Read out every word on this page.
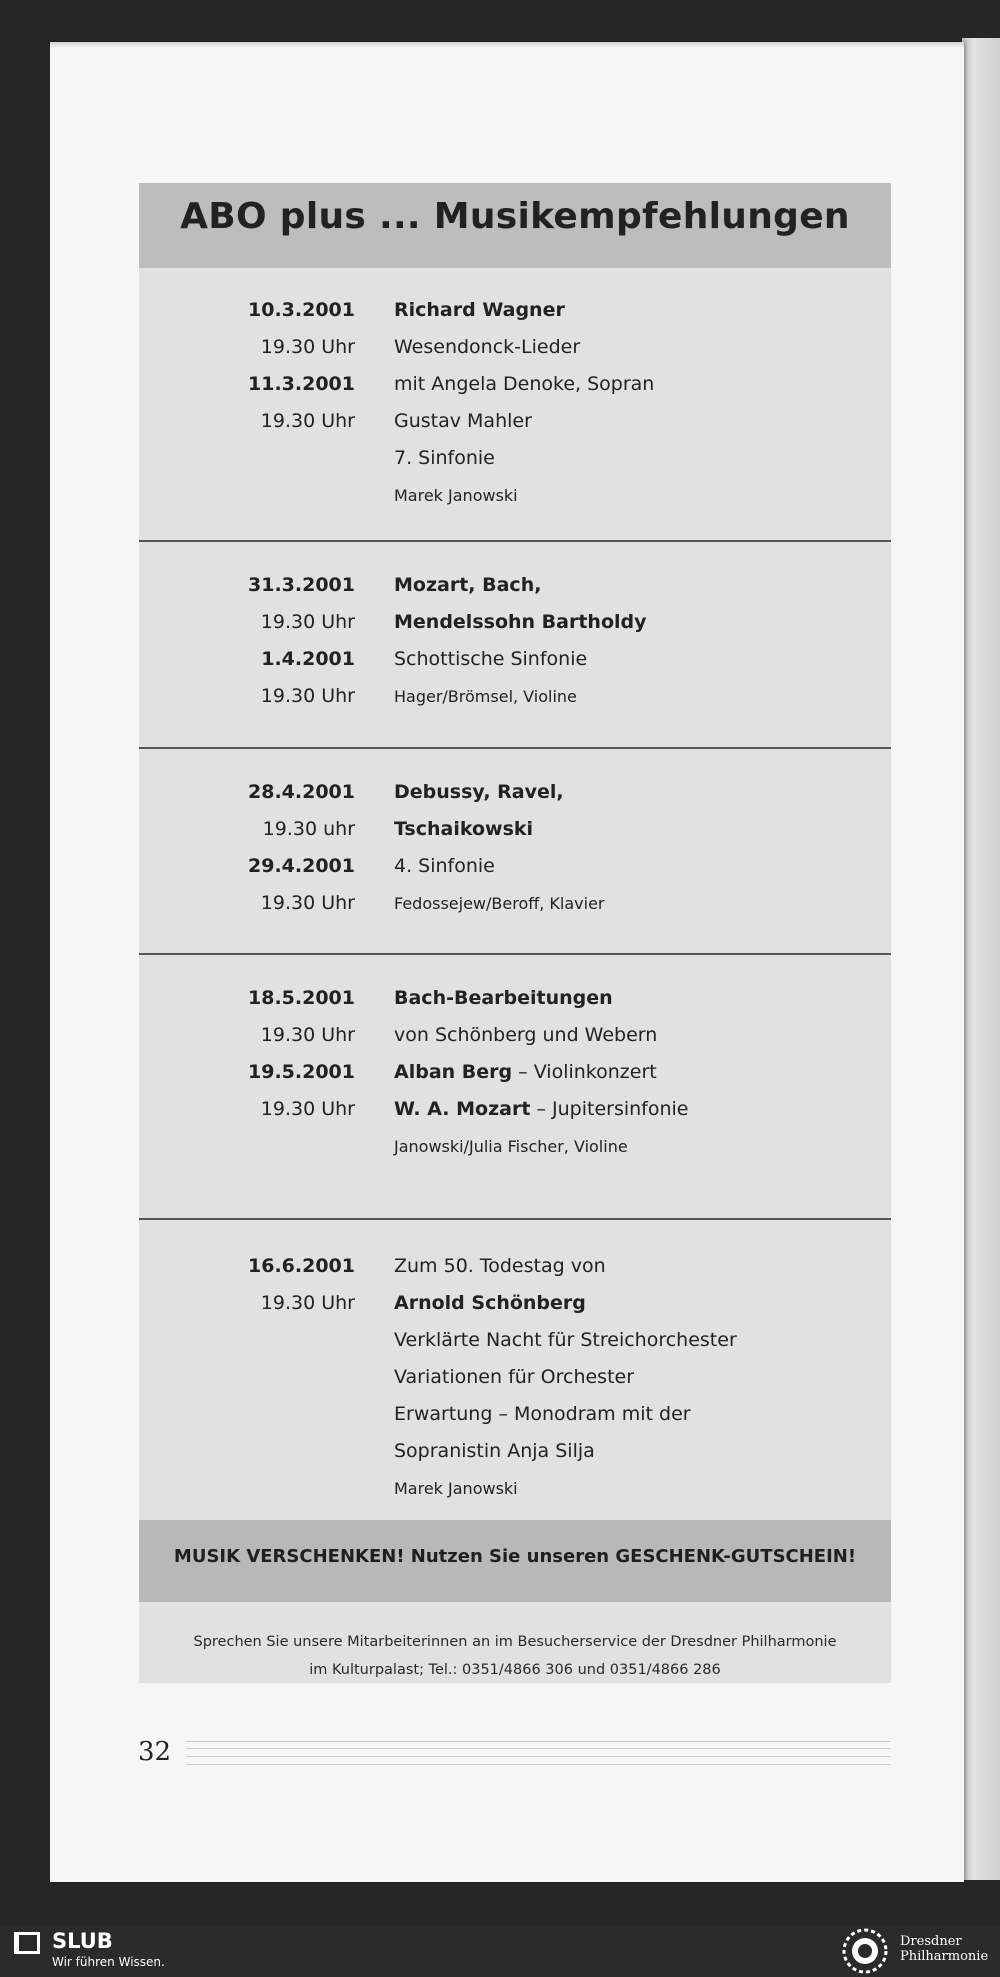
ABO plus ... Musikempfehlungen
10.3.2001 Richard Wagner
19.30 Uhr Wesendonck-Lieder
11.3.2001 mit Angela Denoke, Sopran
19.30 Uhr Gustav Mahler
7. Sinfonie
Marek Janowski
31.3.2001 Mozart, Bach,
19.30 Uhr Mendelssohn Bartholdy
1.4.2001 Schottische Sinfonie
19.30 Uhr Hager/Brömsel, Violine
28.4.2001 Debussy, Ravel,
19.30 uhr Tschaikowski
29.4.2001 4. Sinfonie
19.30 Uhr Fedossejew/Beroff, Klavier
18.5.2001 Bach-Bearbeitungen
19.30 Uhr von Schönberg und Webern
19.5.2001 Alban Berg – Violinkonzert
19.30 Uhr W. A. Mozart – Jupitersinfonie
Janowski/Julia Fischer, Violine
16.6.2001 Zum 50. Todestag von
19.30 Uhr Arnold Schönberg
Verklärte Nacht für Streichorchester
Variationen für Orchester
Erwartung – Monodram mit der
Sopranistin Anja Silja
Marek Janowski
MUSIK VERSCHENKEN! Nutzen Sie unseren GESCHENK-GUTSCHEIN!
Sprechen Sie unsere Mitarbeiterinnen an im Besucherservice der Dresdner Philharmonie
im Kulturpalast; Tel.: 0351/4866 306 und 0351/4866 286
32
SLUB
Wir führen Wissen.
Dresdner
Philharmonie
